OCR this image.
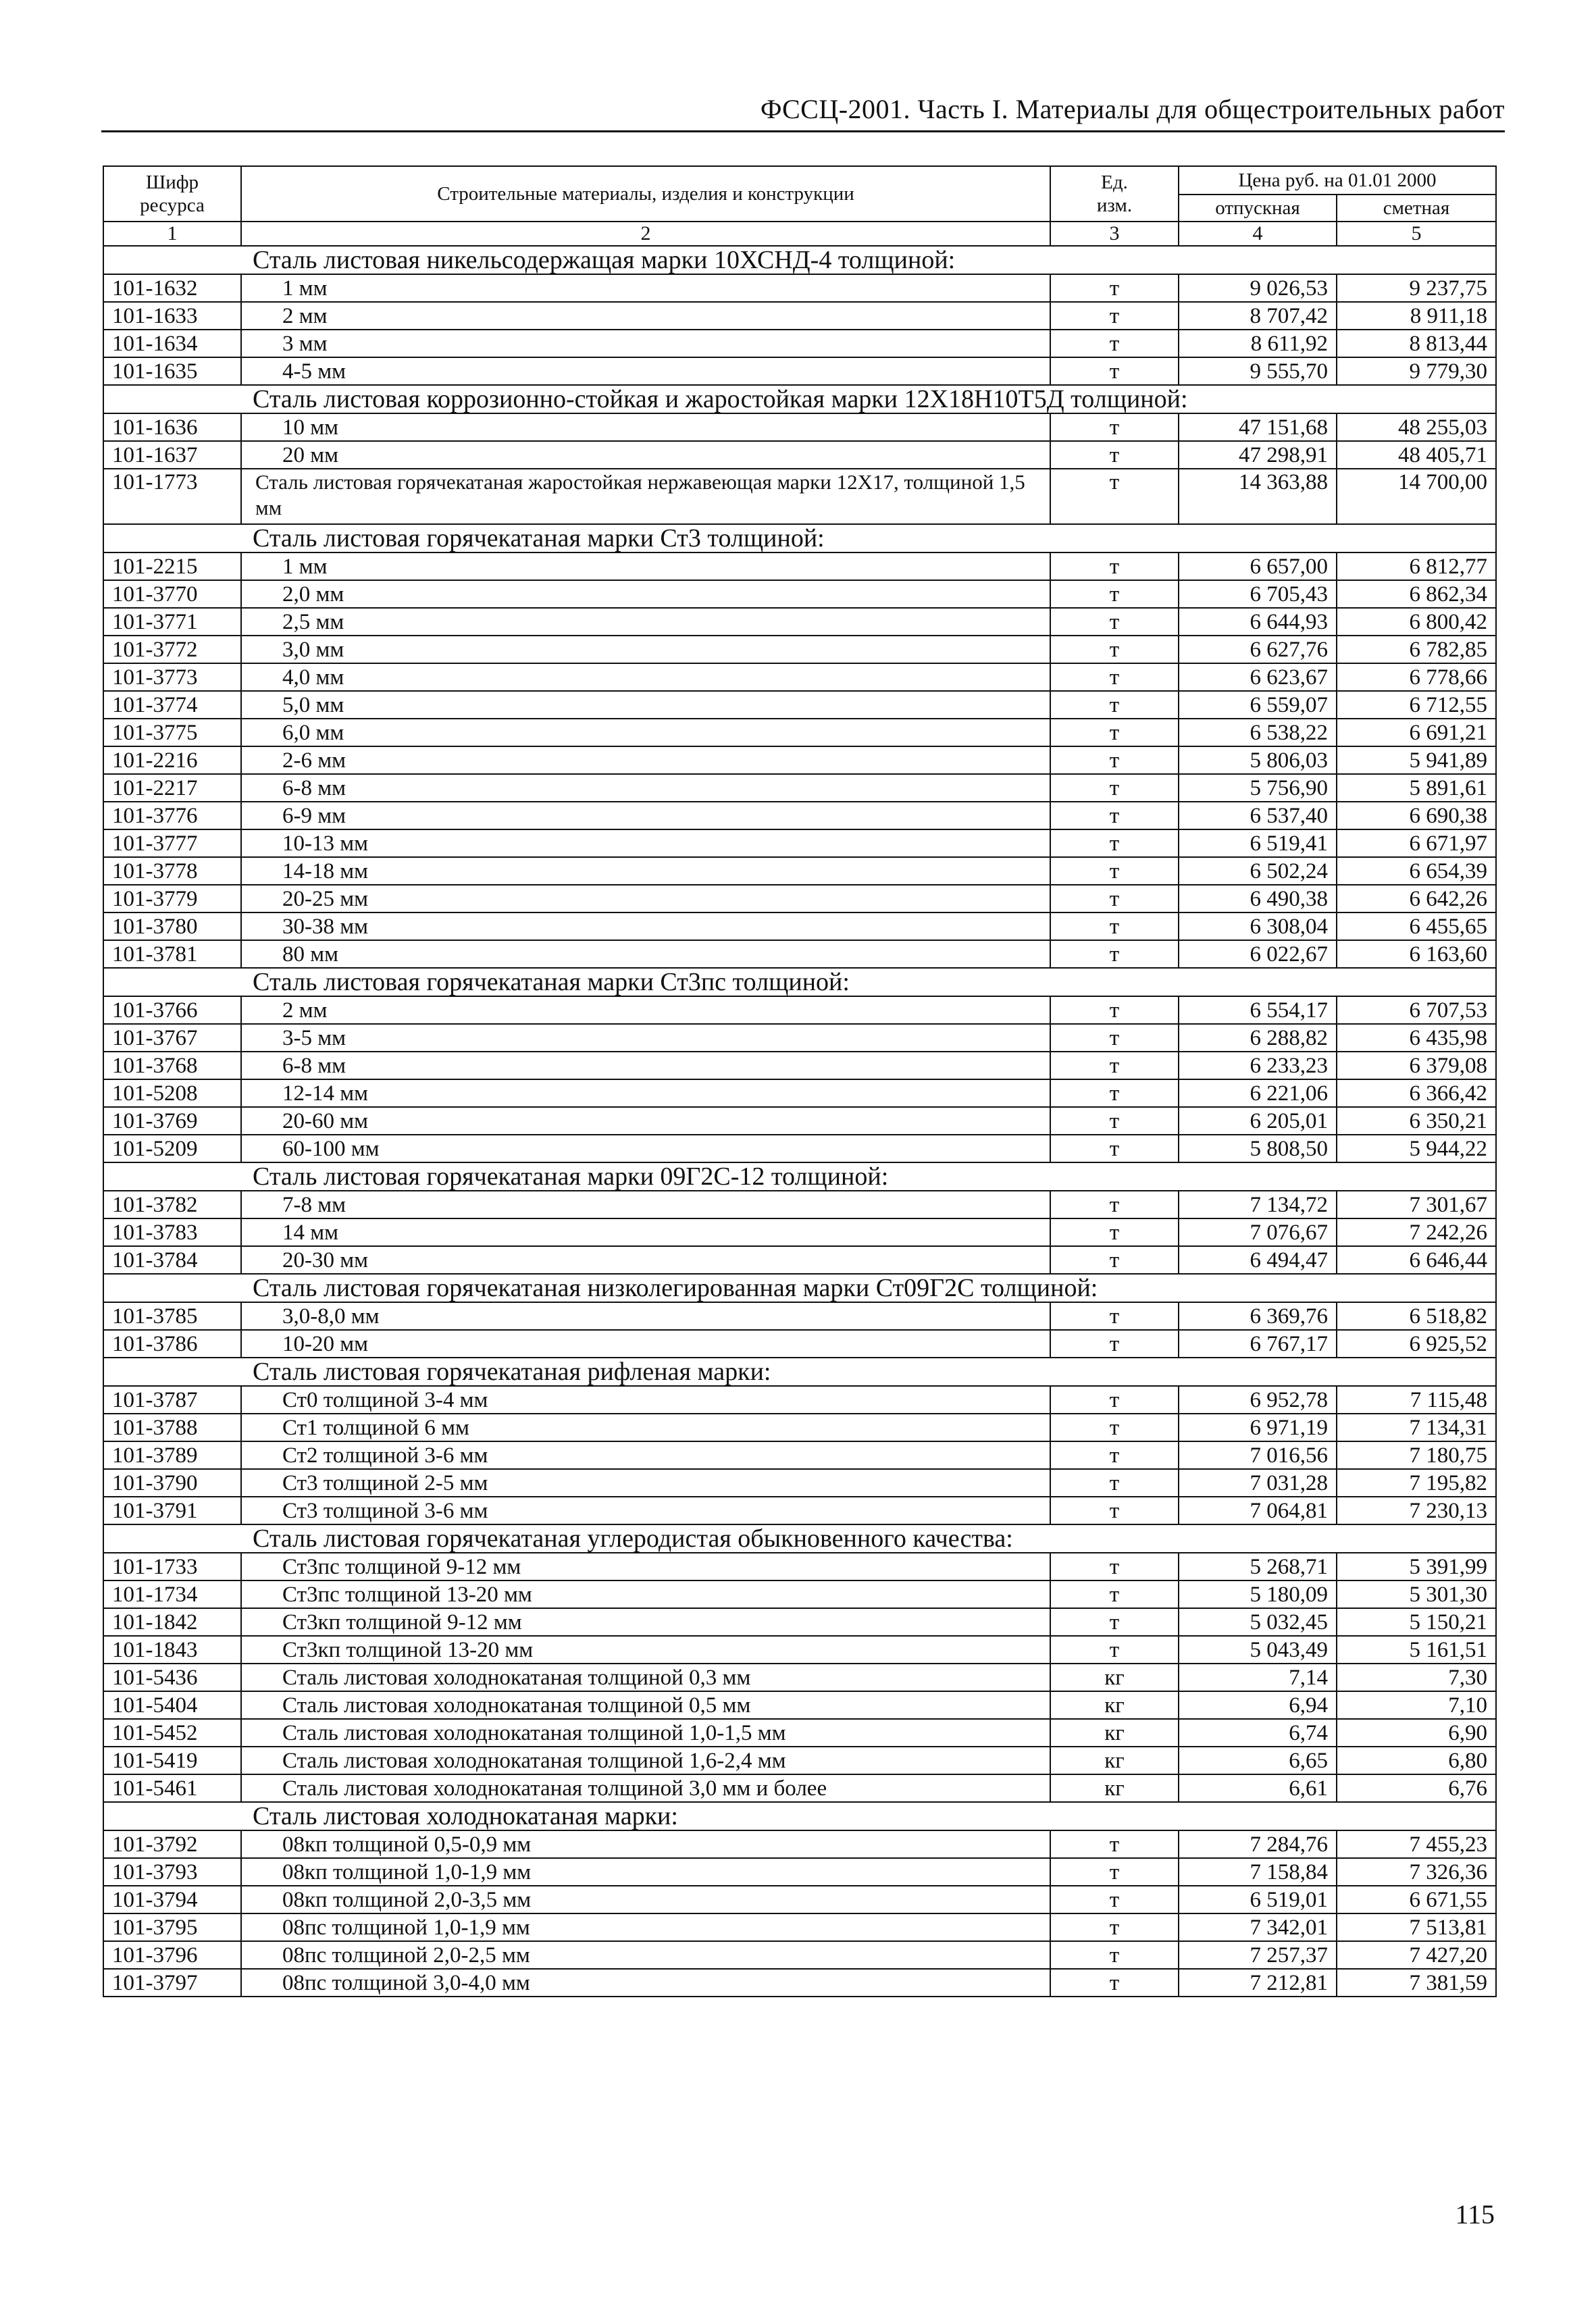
ФССЦ-2001. Часть I. Материалы для общестроительных работ
Шифр ресурса	Строительные материалы, изделия и конструкции	Ед. изм.	Цена руб. на 01.01 2000	
			отпускная	сметная
1	2	3	4	5
Сталь листовая никельсодержащая марки 10ХСНД-4 толщиной:				
101-1632	1 мм	т	9 026,53	9 237,75
101-1633	2 мм	т	8 707,42	8 911,18
101-1634	3 мм	т	8 611,92	8 813,44
101-1635	4-5 мм	т	9 555,70	9 779,30
Сталь листовая коррозионно-стойкая и жаростойкая марки 12Х18Н10Т5Д толщиной:				
101-1636	10 мм	т	47 151,68	48 255,03
101-1637	20 мм	т	47 298,91	48 405,71
101-1773	Сталь листовая горячекатаная жаростойкая нержавеющая марки 12Х17, толщиной 1,5 мм	т	14 363,88	14 700,00
Сталь листовая горячекатаная марки Ст3 толщиной:				
101-2215	1 мм	т	6 657,00	6 812,77
101-3770	2,0 мм	т	6 705,43	6 862,34
101-3771	2,5 мм	т	6 644,93	6 800,42
101-3772	3,0 мм	т	6 627,76	6 782,85
101-3773	4,0 мм	т	6 623,67	6 778,66
101-3774	5,0 мм	т	6 559,07	6 712,55
101-3775	6,0 мм	т	6 538,22	6 691,21
101-2216	2-6 мм	т	5 806,03	5 941,89
101-2217	6-8 мм	т	5 756,90	5 891,61
101-3776	6-9 мм	т	6 537,40	6 690,38
101-3777	10-13 мм	т	6 519,41	6 671,97
101-3778	14-18 мм	т	6 502,24	6 654,39
101-3779	20-25 мм	т	6 490,38	6 642,26
101-3780	30-38 мм	т	6 308,04	6 455,65
101-3781	80 мм	т	6 022,67	6 163,60
Сталь листовая горячекатаная марки Ст3пс толщиной:				
101-3766	2 мм	т	6 554,17	6 707,53
101-3767	3-5 мм	т	6 288,82	6 435,98
101-3768	6-8 мм	т	6 233,23	6 379,08
101-5208	12-14 мм	т	6 221,06	6 366,42
101-3769	20-60 мм	т	6 205,01	6 350,21
101-5209	60-100 мм	т	5 808,50	5 944,22
Сталь листовая горячекатаная марки 09Г2С-12 толщиной:				
101-3782	7-8 мм	т	7 134,72	7 301,67
101-3783	14 мм	т	7 076,67	7 242,26
101-3784	20-30 мм	т	6 494,47	6 646,44
Сталь листовая горячекатаная низколегированная марки Ст09Г2С толщиной:				
101-3785	3,0-8,0 мм	т	6 369,76	6 518,82
101-3786	10-20 мм	т	6 767,17	6 925,52
Сталь листовая горячекатаная рифленая марки:				
101-3787	Ст0 толщиной 3-4 мм	т	6 952,78	7 115,48
101-3788	Ст1 толщиной 6 мм	т	6 971,19	7 134,31
101-3789	Ст2 толщиной 3-6 мм	т	7 016,56	7 180,75
101-3790	Ст3 толщиной 2-5 мм	т	7 031,28	7 195,82
101-3791	Ст3 толщиной 3-6 мм	т	7 064,81	7 230,13
Сталь листовая горячекатаная углеродистая обыкновенного качества:				
101-1733	Ст3пс толщиной 9-12 мм	т	5 268,71	5 391,99
101-1734	Ст3пс толщиной 13-20 мм	т	5 180,09	5 301,30
101-1842	Ст3кп толщиной 9-12 мм	т	5 032,45	5 150,21
101-1843	Ст3кп толщиной 13-20 мм	т	5 043,49	5 161,51
101-5436	Сталь листовая холоднокатаная толщиной 0,3 мм	кг	7,14	7,30
101-5404	Сталь листовая холоднокатаная толщиной 0,5 мм	кг	6,94	7,10
101-5452	Сталь листовая холоднокатаная толщиной 1,0-1,5 мм	кг	6,74	6,90
101-5419	Сталь листовая холоднокатаная толщиной 1,6-2,4 мм	кг	6,65	6,80
101-5461	Сталь листовая холоднокатаная толщиной 3,0 мм и более	кг	6,61	6,76
Сталь листовая холоднокатаная марки:				
101-3792	08кп толщиной 0,5-0,9 мм	т	7 284,76	7 455,23
101-3793	08кп толщиной 1,0-1,9 мм	т	7 158,84	7 326,36
101-3794	08кп толщиной 2,0-3,5 мм	т	6 519,01	6 671,55
101-3795	08пс толщиной 1,0-1,9 мм	т	7 342,01	7 513,81
101-3796	08пс толщиной 2,0-2,5 мм	т	7 257,37	7 427,20
101-3797	08пс толщиной 3,0-4,0 мм	т	7 212,81	7 381,59
115
